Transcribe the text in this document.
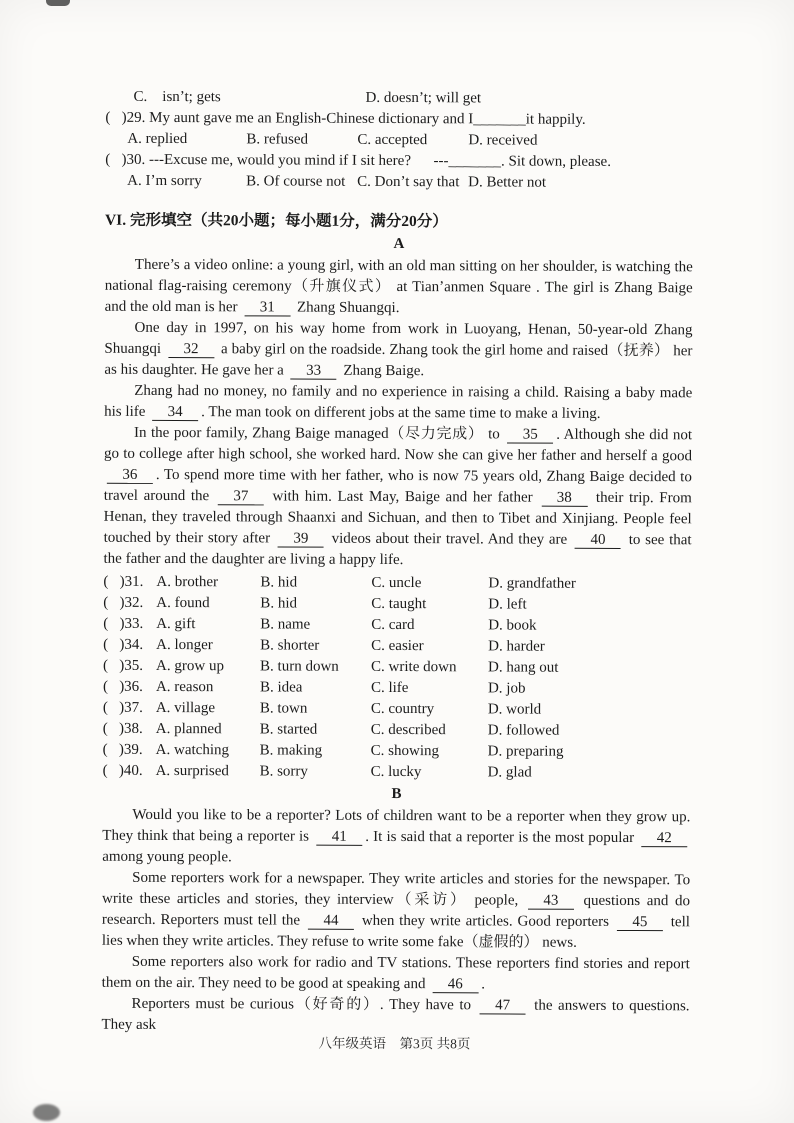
C.    isn’t; gets	D. doesn’t; will get
(   )29. My aunt gave me an English-Chinese dictionary and I_______it happily.
A. replied	B. refused	C. accepted	D. received
(   )30. ---Excuse me, would you mind if I sit here?      ---_______. Sit down, please.
A. I’m sorry	B. Of course not C. Don’t say that D. Better not
VI. 完形填空（共20小题；每小题1分，满分20分）
A

There’s a video online: a young girl, with an old man sitting on her shoulder, is watching the national flag-raising ceremony（升旗仪式） at Tian’anmen Square . The girl is Zhang Baige and the old man is her 31 Zhang Shuangqi.

One day in 1997, on his way home from work in Luoyang, Henan, 50-year-old Zhang Shuangqi 32 a baby girl on the roadside. Zhang took the girl home and raised（抚养） her as his daughter. He gave her a 33 Zhang Baige.

Zhang had no money, no family and no experience in raising a child. Raising a baby made his life 34 . The man took on different jobs at the same time to make a living.

In the poor family, Zhang Baige managed（尽力完成） to 35 . Although she did not go to college after high school, she worked hard. Now she can give her father and herself a good 36 . To spend more time with her father, who is now 75 years old, Zhang Baige decided to travel around the 37 with him. Last May, Baige and her father 38 their trip. From Henan, they traveled through Shaanxi and Sichuan, and then to Tibet and Xinjiang. People feel touched by their story after 39 videos about their travel. And they are 40 to see that the father and the daughter are living a happy life.

(   )31. A. brother	B. hid	C. uncle	D. grandfather
(   )32. A. found	B. hid	C. taught	D. left
(   )33. A. gift	B. name	C. card	D. book
(   )34. A. longer	B. shorter	C. easier	D. harder
(   )35. A. grow up	B. turn down	C. write down	D. hang out
(   )36. A. reason	B. idea	C. life	D. job
(   )37. A. village	B. town	C. country	D. world
(   )38. A. planned	B. started	C. described	D. followed
(   )39. A. watching	B. making	C. showing	D. preparing
(   )40. A. surprised	B. sorry	C. lucky	D. glad
B

Would you like to be a reporter? Lots of children want to be a reporter when they grow up. They think that being a reporter is 41 . It is said that a reporter is the most popular 42 among young people.

Some reporters work for a newspaper. They write articles and stories for the newspaper. To write these articles and stories, they interview（采访） people, 43 questions and do research. Reporters must tell the 44 when they write articles. Good reporters 45 tell lies when they write articles. They refuse to write some fake（虚假的） news.

Some reporters also work for radio and TV stations. These reporters find stories and report them on the air. They need to be good at speaking and 46 .

Reporters must be curious（好奇的）. They have to 47 the answers to questions. They ask

八年级英语    第3页 共8页
